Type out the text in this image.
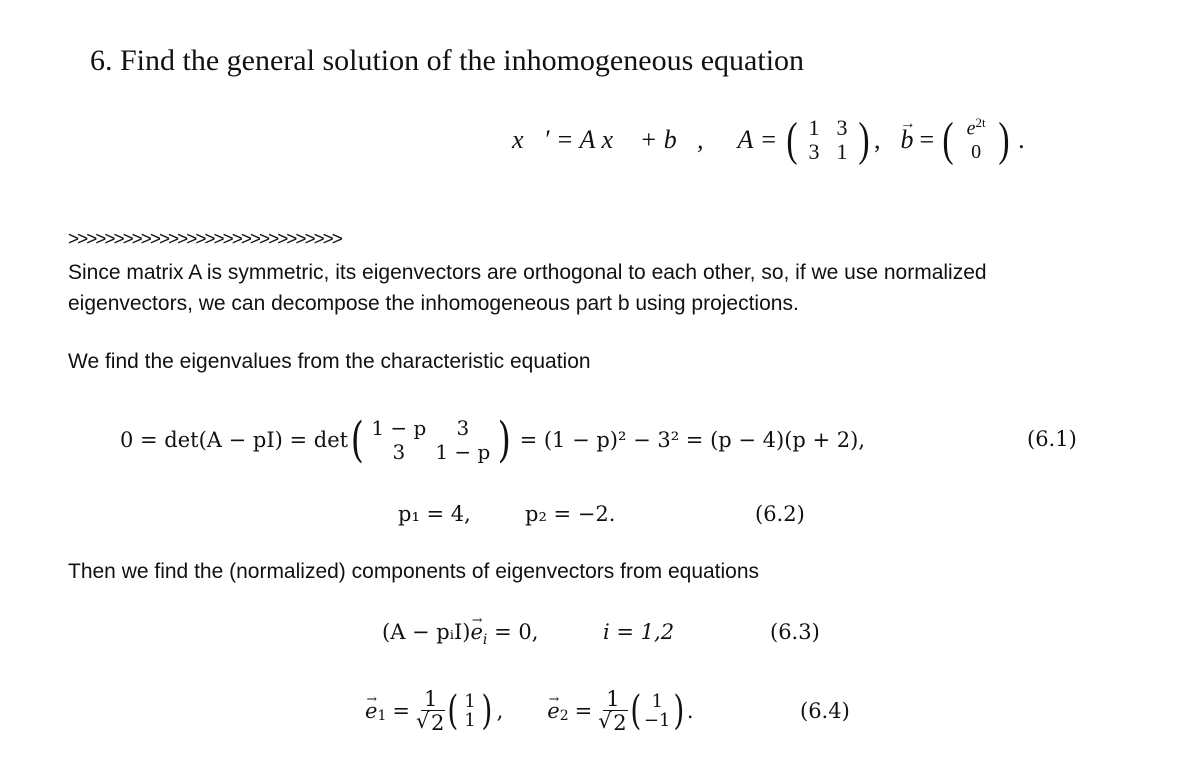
6. Find the general solution of the inhomogeneous equation
x⃗′ = A x⃗ + b⃗, A = ( 1 3
3 1 ) , b → = ( $e^{2t}$
0 ) .
>>>>>>>>>>>>>>>>>>>>>>>>>>>>>>
Since matrix A is symmetric, its eigenvectors are orthogonal to each other, so, if we use normalized
eigenvectors, we can decompose the inhomogeneous part b using projections.
We find the eigenvalues from the characteristic equation
0 = det(A − pI) = det ( 1 − p	3
3	1 − p ) = (1 − p)² − 3² = (p − 4)(p + 2),	(6.1)
p₁ = 4,	p₂ = −2.	(6.2)
Then we find the (normalized) components of eigenvectors from equations
(A − pᵢI)e $\to_i = 0$,	i = 1,2	(6.3)
$e \to_1 = 1$
√ 2 ( 1
1 ) , $e \to_2 = 1$
√ 2 ( 1
−1 ) .	(6.4)
